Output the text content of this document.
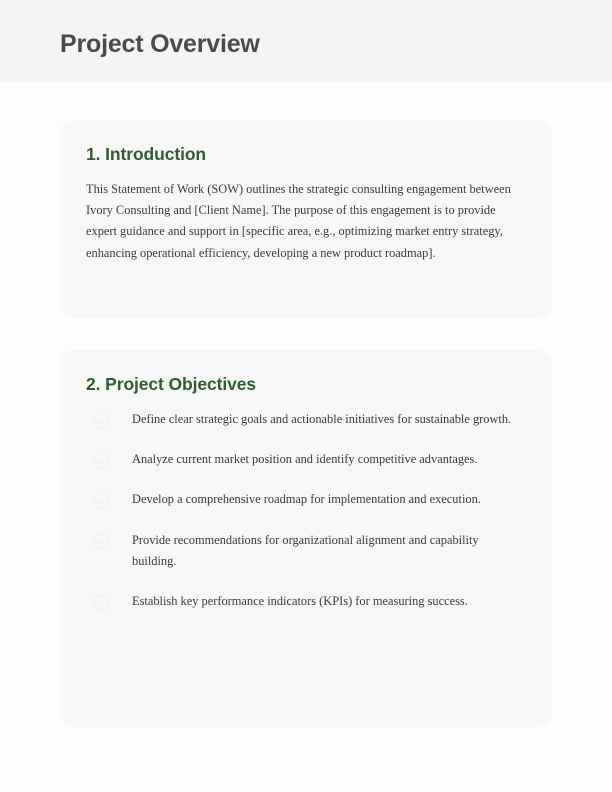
Project Overview
1. Introduction

This Statement of Work (SOW) outlines the strategic consulting engagement between Ivory Consulting and [Client Name]. The purpose of this engagement is to provide expert guidance and support in [specific area, e.g., optimizing market entry strategy, enhancing operational efficiency, developing a new product roadmap].

2. Project Objectives
Define clear strategic goals and actionable initiatives for sustainable growth.
Analyze current market position and identify competitive advantages.
Develop a comprehensive roadmap for implementation and execution.
Provide recommendations for organizational alignment and capability building.
Establish key performance indicators (KPIs) for measuring success.
1
